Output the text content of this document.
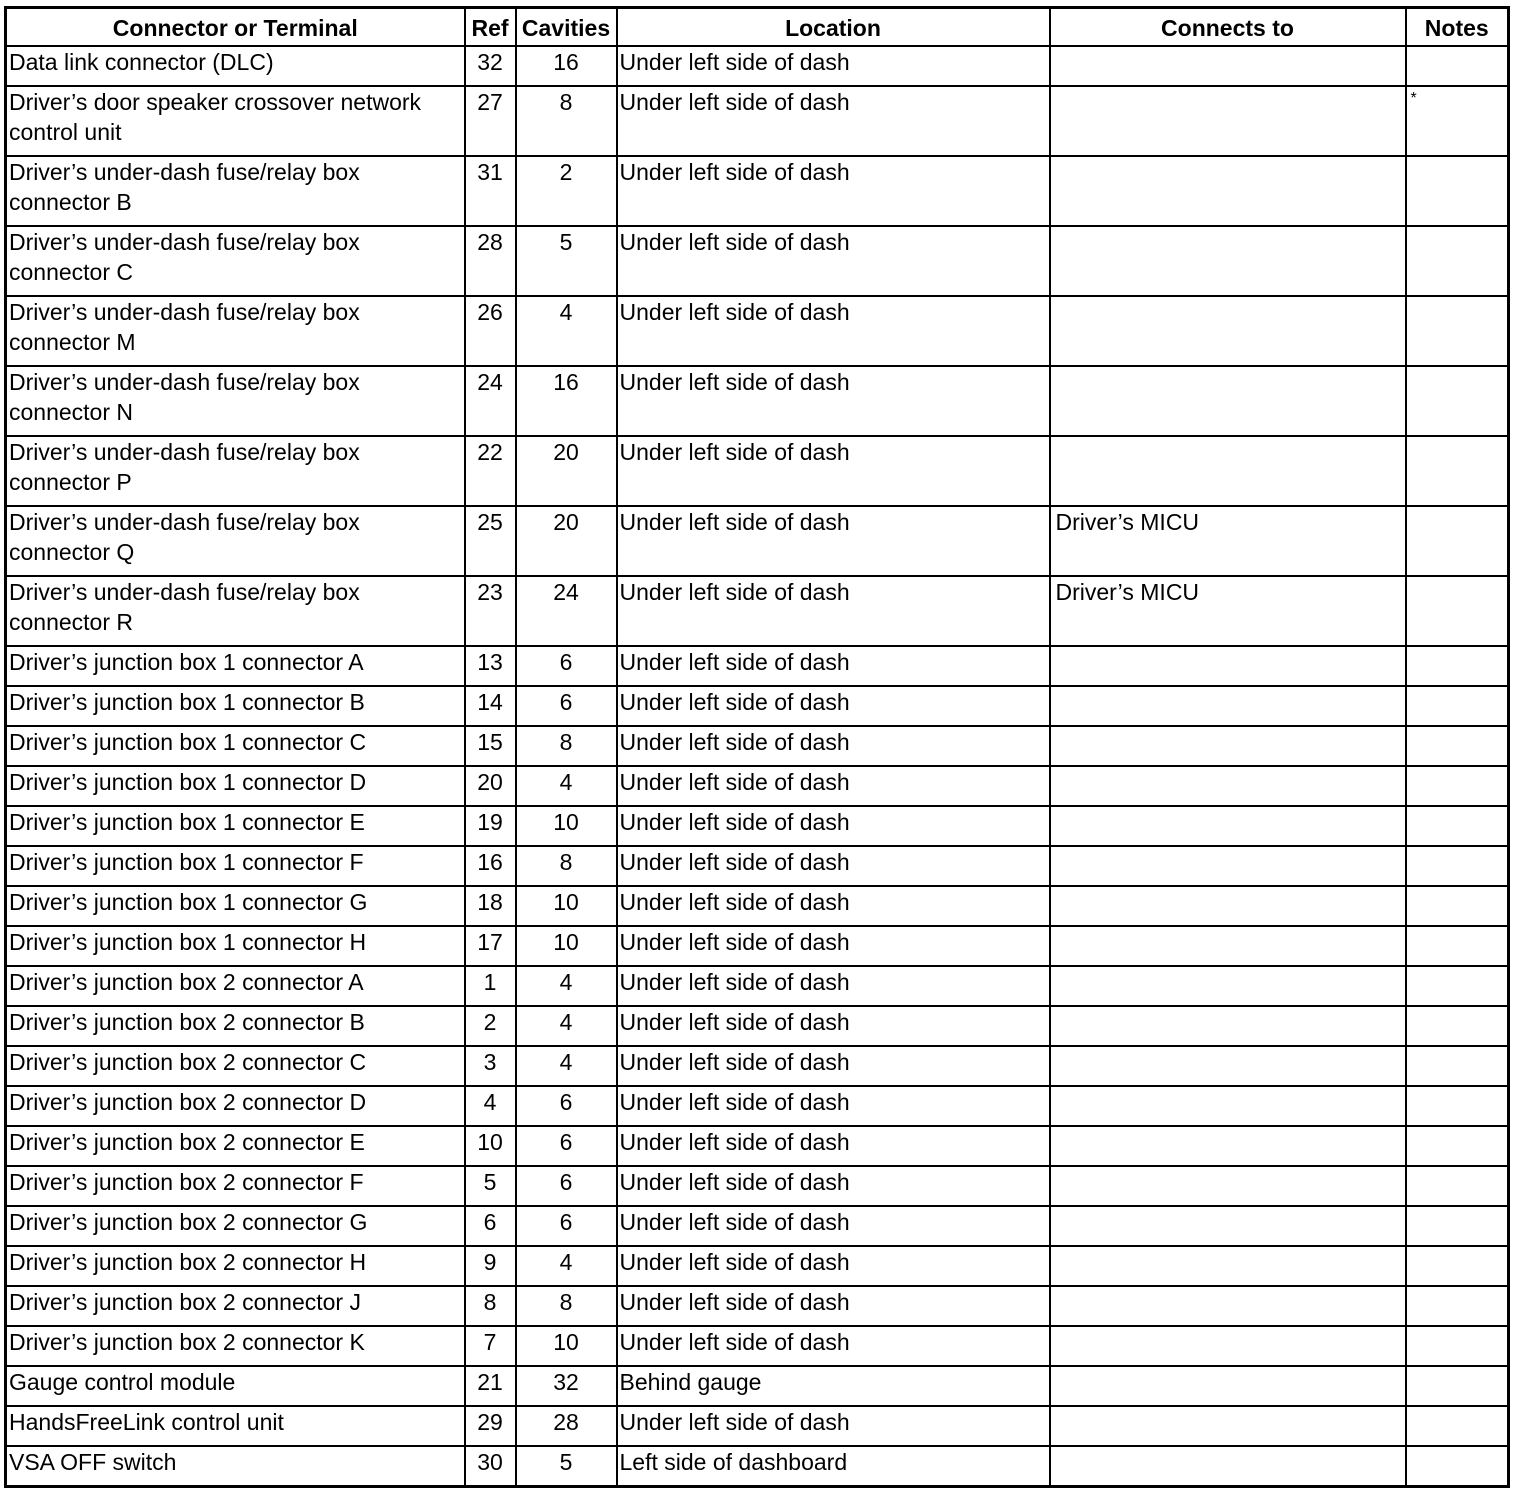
Connector or Terminal	Ref	Cavities	Location	Connects to	Notes
Data link connector (DLC)	32	16	Under left side of dash		
Driver’s door speaker crossover network control unit	27	8	Under left side of dash		*
Driver’s under-dash fuse/relay box connector B	31	2	Under left side of dash		
Driver’s under-dash fuse/relay box connector C	28	5	Under left side of dash		
Driver’s under-dash fuse/relay box connector M	26	4	Under left side of dash		
Driver’s under-dash fuse/relay box connector N	24	16	Under left side of dash		
Driver’s under-dash fuse/relay box connector P	22	20	Under left side of dash		
Driver’s under-dash fuse/relay box connector Q	25	20	Under left side of dash	Driver’s MICU	
Driver’s under-dash fuse/relay box connector R	23	24	Under left side of dash	Driver’s MICU	
Driver’s junction box 1 connector A	13	6	Under left side of dash		
Driver’s junction box 1 connector B	14	6	Under left side of dash		
Driver’s junction box 1 connector C	15	8	Under left side of dash		
Driver’s junction box 1 connector D	20	4	Under left side of dash		
Driver’s junction box 1 connector E	19	10	Under left side of dash		
Driver’s junction box 1 connector F	16	8	Under left side of dash		
Driver’s junction box 1 connector G	18	10	Under left side of dash		
Driver’s junction box 1 connector H	17	10	Under left side of dash		
Driver’s junction box 2 connector A	1	4	Under left side of dash		
Driver’s junction box 2 connector B	2	4	Under left side of dash		
Driver’s junction box 2 connector C	3	4	Under left side of dash		
Driver’s junction box 2 connector D	4	6	Under left side of dash		
Driver’s junction box 2 connector E	10	6	Under left side of dash		
Driver’s junction box 2 connector F	5	6	Under left side of dash		
Driver’s junction box 2 connector G	6	6	Under left side of dash		
Driver’s junction box 2 connector H	9	4	Under left side of dash		
Driver’s junction box 2 connector J	8	8	Under left side of dash		
Driver’s junction box 2 connector K	7	10	Under left side of dash		
Gauge control module	21	32	Behind gauge		
HandsFreeLink control unit	29	28	Under left side of dash		
VSA OFF switch	30	5	Left side of dashboard		
